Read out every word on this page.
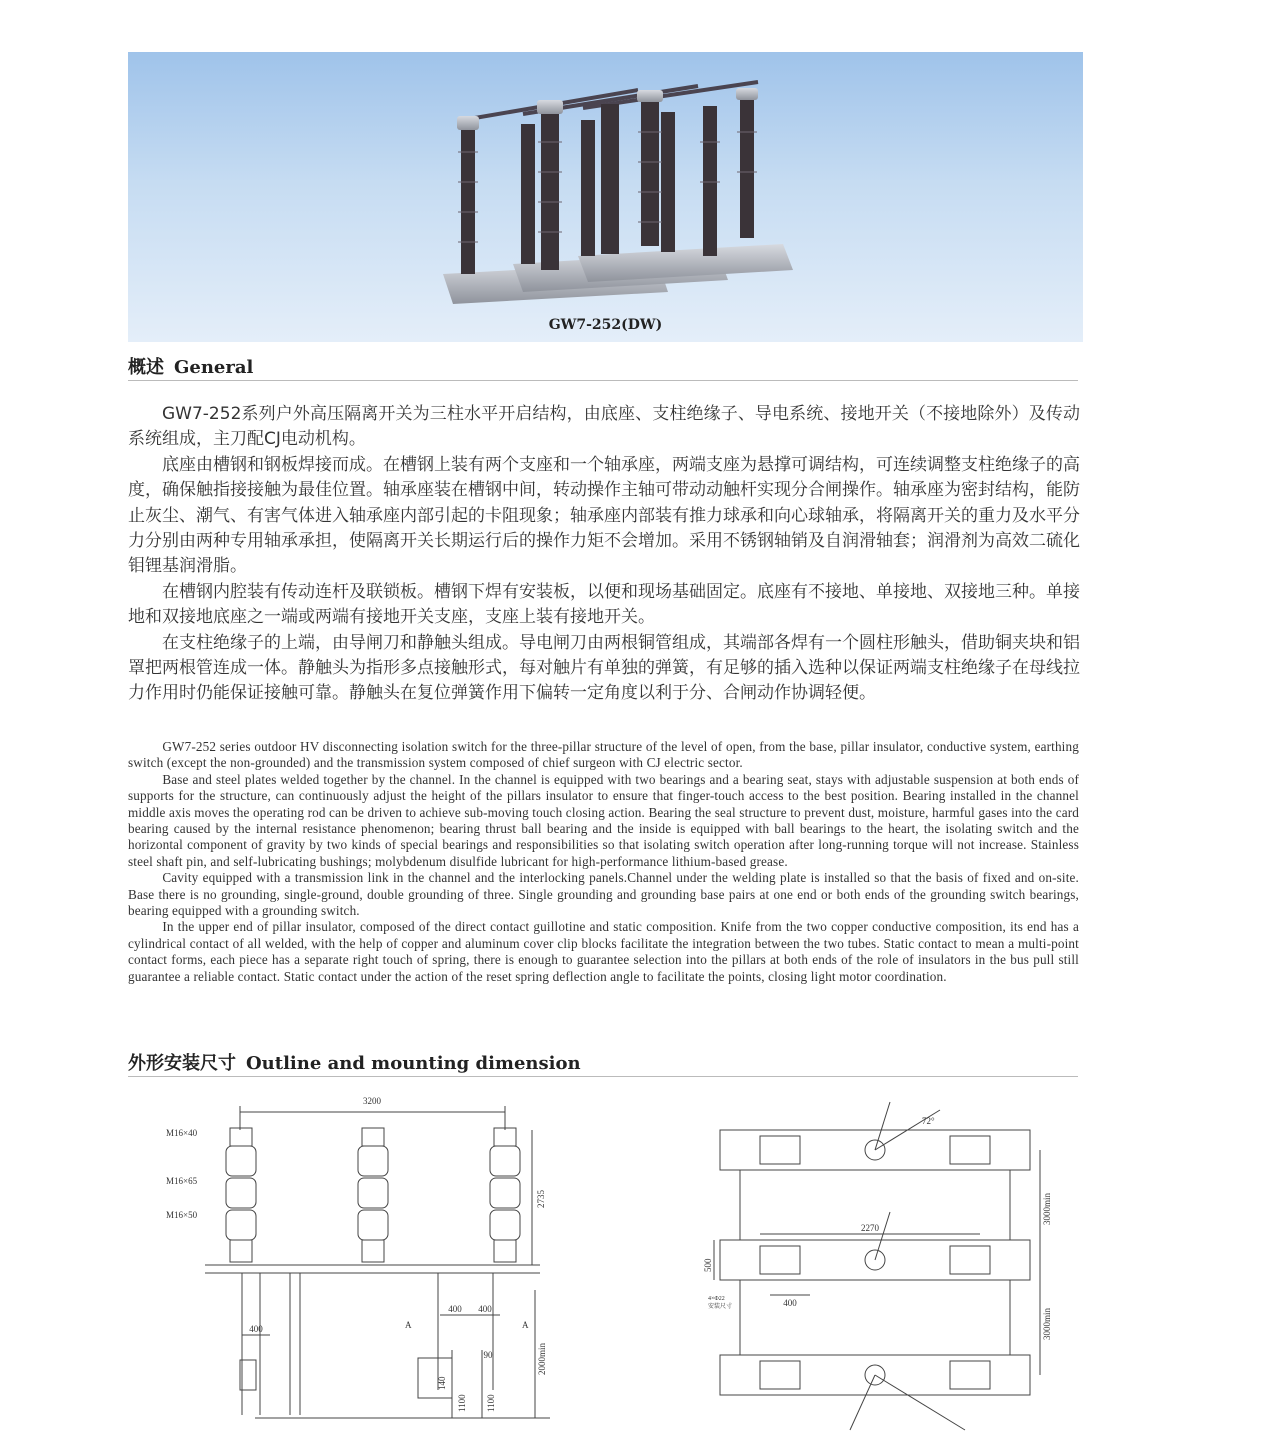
GW7-252(DW)
概述 General

GW7-252系列户外高压隔离开关为三柱水平开启结构，由底座、支柱绝缘子、导电系统、接地开关（不接地除外）及传动系统组成，主刀配CJ电动机构。

底座由槽钢和钢板焊接而成。在槽钢上装有两个支座和一个轴承座，两端支座为悬撑可调结构，可连续调整支柱绝缘子的高度，确保触指接接触为最佳位置。轴承座装在槽钢中间，转动操作主轴可带动动触杆实现分合闸操作。轴承座为密封结构，能防止灰尘、潮气、有害气体进入轴承座内部引起的卡阻现象；轴承座内部装有推力球承和向心球轴承，将隔离开关的重力及水平分力分别由两种专用轴承承担，使隔离开关长期运行后的操作力矩不会增加。采用不锈钢轴销及自润滑轴套；润滑剂为高效二硫化钼锂基润滑脂。

在槽钢内腔装有传动连杆及联锁板。槽钢下焊有安装板，以便和现场基础固定。底座有不接地、单接地、双接地三种。单接地和双接地底座之一端或两端有接地开关支座，支座上装有接地开关。

在支柱绝缘子的上端，由导闸刀和静触头组成。导电闸刀由两根铜管组成，其端部各焊有一个圆柱形触头，借助铜夹块和铝罩把两根管连成一体。静触头为指形多点接触形式，每对触片有单独的弹簧，有足够的插入选种以保证两端支柱绝缘子在母线拉力作用时仍能保证接触可靠。静触头在复位弹簧作用下偏转一定角度以利于分、合闸动作协调轻便。

GW7-252 series outdoor HV disconnecting isolation switch for the three-pillar structure of the level of open, from the base, pillar insulator, conductive system, earthing switch (except the non-grounded) and the transmission system composed of chief surgeon with CJ electric sector.

Base and steel plates welded together by the channel. In the channel is equipped with two bearings and a bearing seat, stays with adjustable suspension at both ends of supports for the structure, can continuously adjust the height of the pillars insulator to ensure that finger-touch access to the best position. Bearing installed in the channel middle axis moves the operating rod can be driven to achieve sub-moving touch closing action. Bearing the seal structure to prevent dust, moisture, harmful gases into the card bearing caused by the internal resistance phenomenon; bearing thrust ball bearing and the inside is equipped with ball bearings to the heart, the isolating switch and the horizontal component of gravity by two kinds of special bearings and responsibilities so that isolating switch operation after long-running torque will not increase. Stainless steel shaft pin, and self-lubricating bushings; molybdenum disulfide lubricant for high-performance lithium-based grease.

Cavity equipped with a transmission link in the channel and the interlocking panels.Channel under the welding plate is installed so that the basis of fixed and on-site. Base there is no grounding, single-ground, double grounding of three. Single grounding and grounding base pairs at one end or both ends of the grounding switch bearings, bearing equipped with a grounding switch.

In the upper end of pillar insulator, composed of the direct contact guillotine and static composition. Knife from the two copper conductive composition, its end has a cylindrical contact of all welded, with the help of copper and aluminum cover clip blocks facilitate the integration between the two tubes. Static contact to mean a multi-point contact forms, each piece has a separate right touch of spring, there is enough to guarantee selection into the pillars at both ends of the role of insulators in the bus pull still guarantee a reliable contact. Static contact under the action of the reset spring deflection angle to facilitate the points, closing light motor coordination.

外形安装尺寸 Outline and mounting dimension
3200
M16×40
M16×65
M16×50
2735
400
400 400
A	A
90
140
1100 1100
2000min
72°
2270
500
400
4×Φ22
安装尺寸
3000min
3000min
